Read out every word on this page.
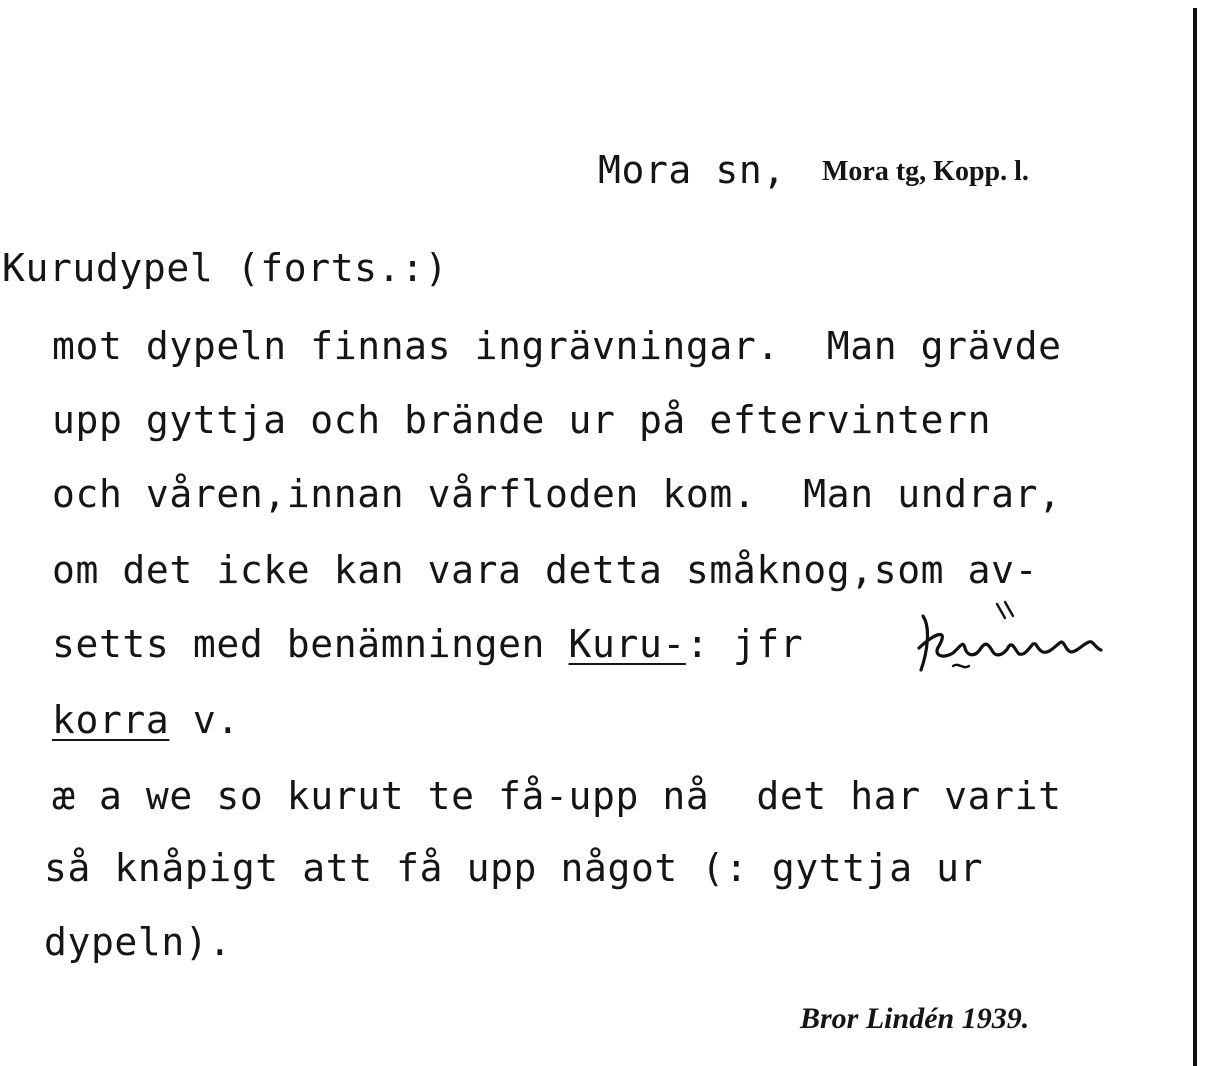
Mora sn, Mora tg, Kopp. l.
Kurudypel (forts.:)
mot dypeln finnas ingrävningar.  Man grävde
upp gyttja och brände ur på eftervintern
och våren,innan vårfloden kom.  Man undrar,
om det icke kan vara detta småknog,som av-
setts med benämningen Kuru-: jfr
korra v.
æ a we so kurut te få-upp nå  det har varit
så knåpigt att få upp något (: gyttja ur
dypeln).
Bror Lindén 1939.
